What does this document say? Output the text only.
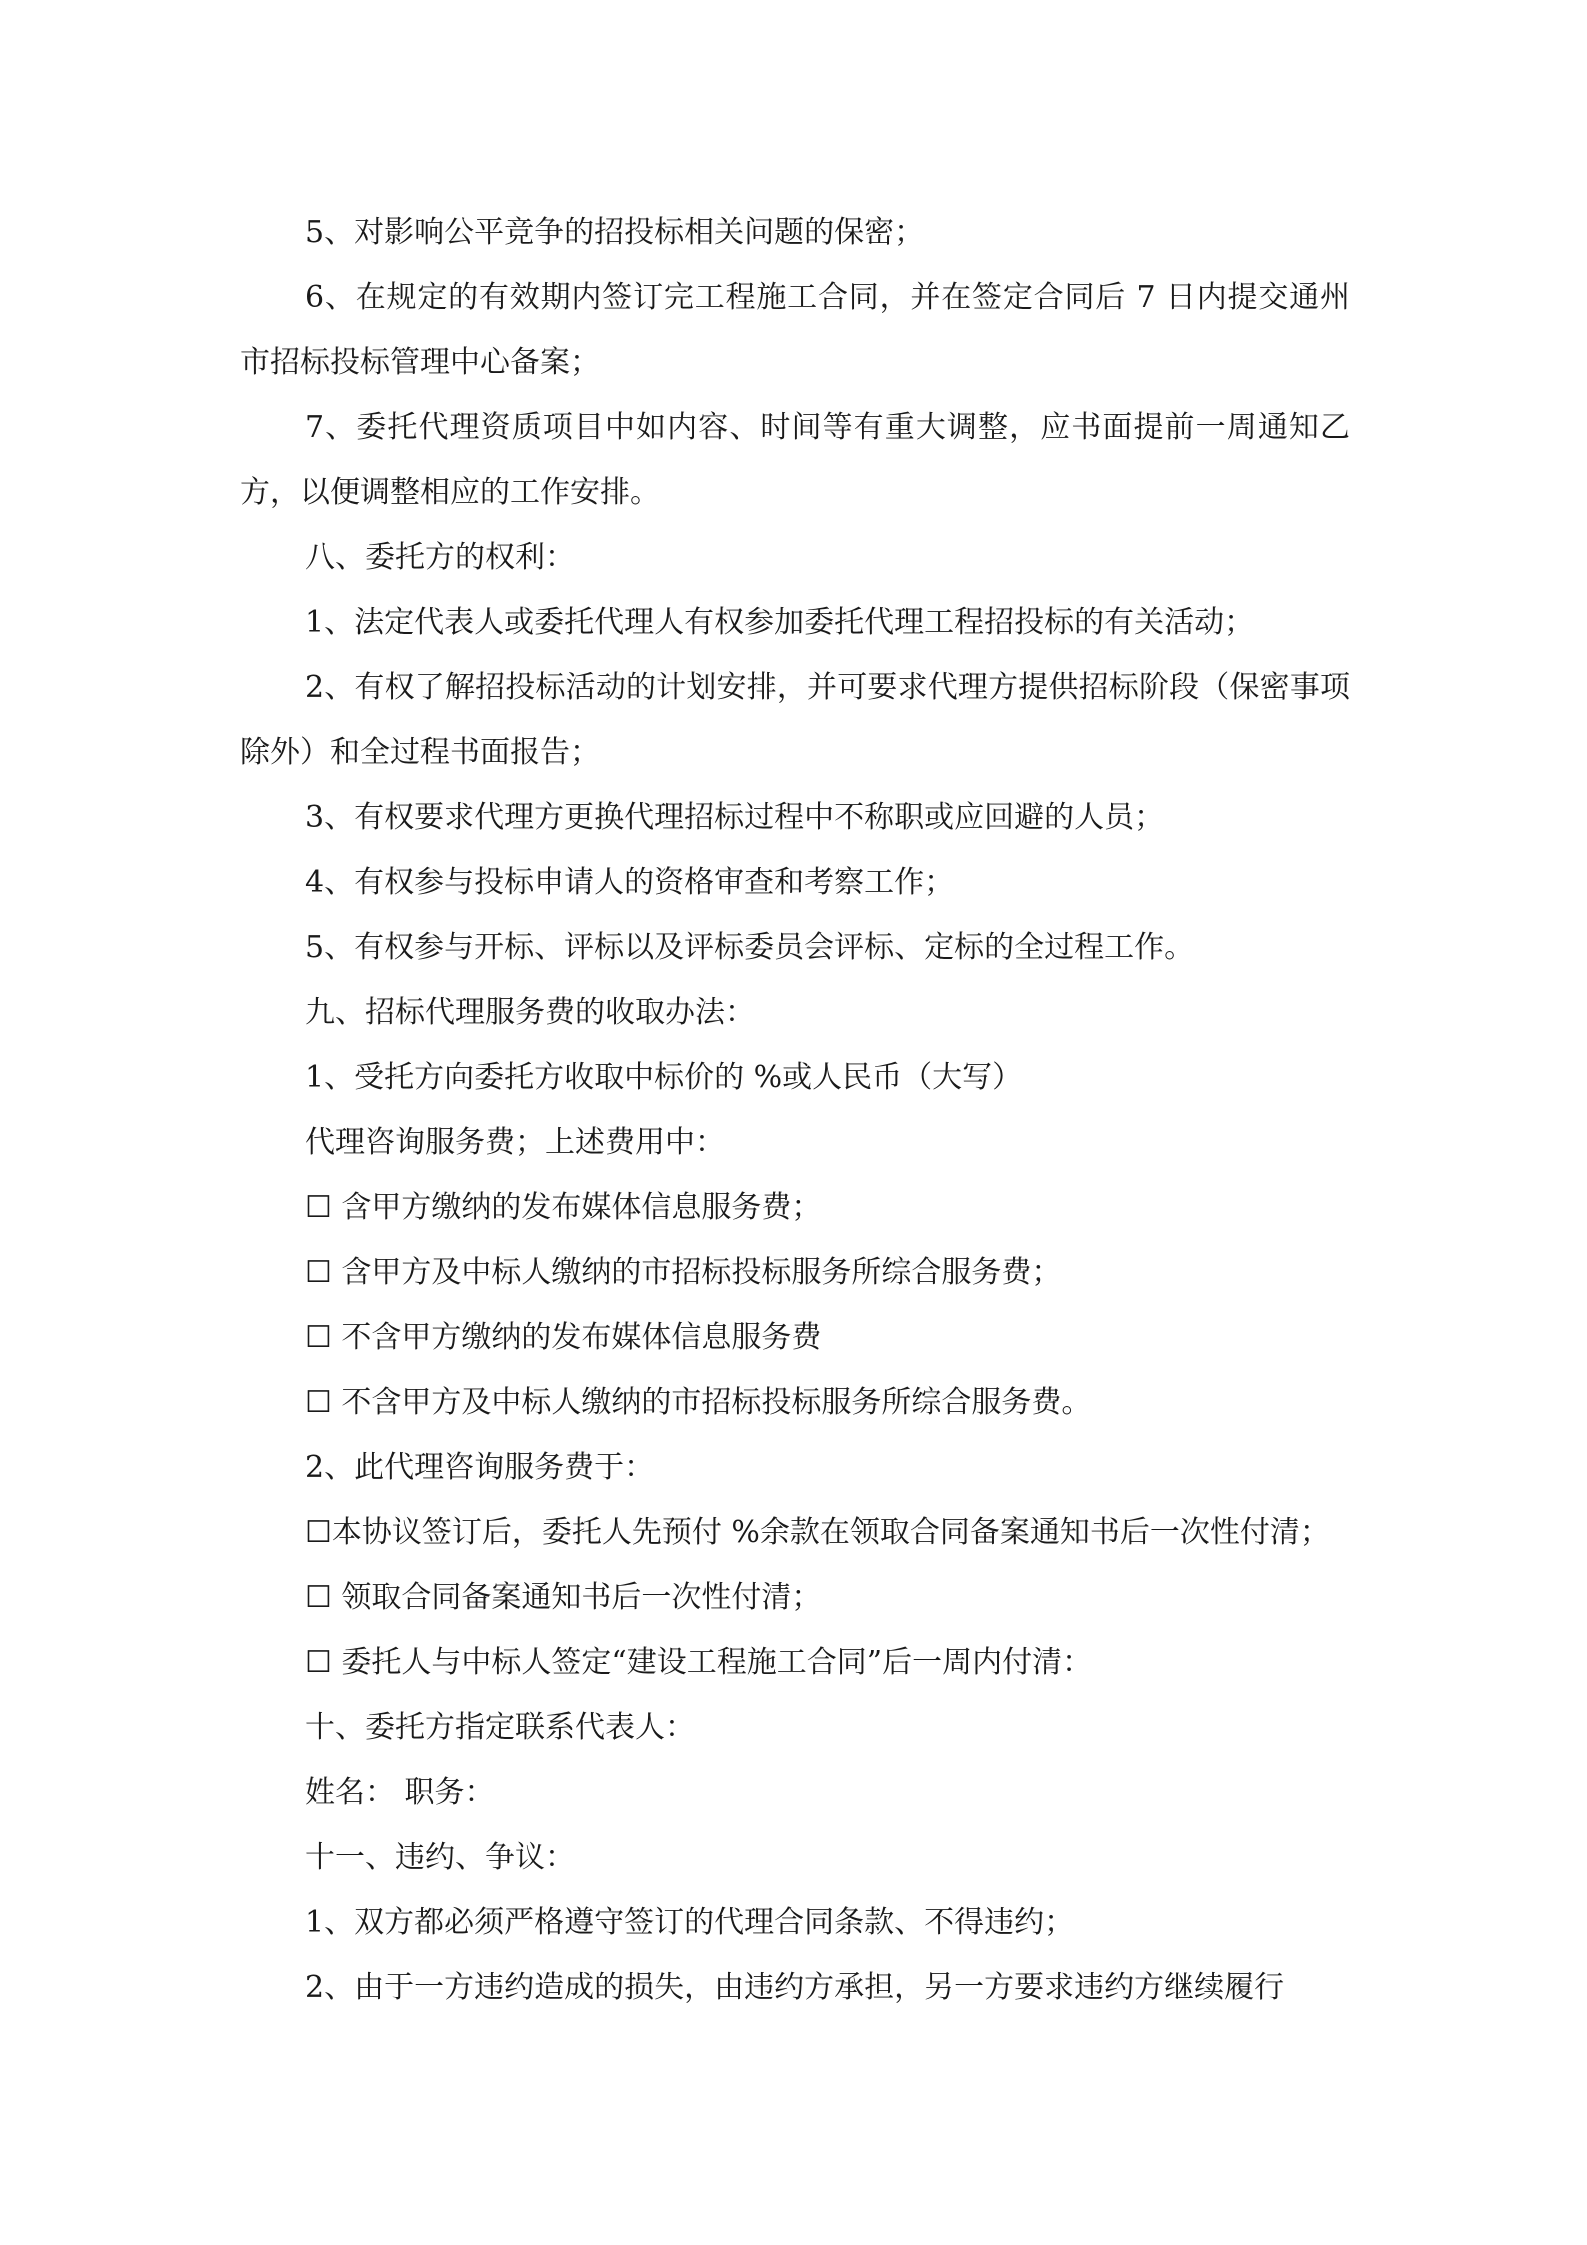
5、对影响公平竞争的招投标相关问题的保密；

6、在规定的有效期内签订完工程施工合同，并在签定合同后 7 日内提交通州市招标投标管理中心备案；

7、委托代理资质项目中如内容、时间等有重大调整，应书面提前一周通知乙方，以便调整相应的工作安排。

八、委托方的权利：

1、法定代表人或委托代理人有权参加委托代理工程招投标的有关活动；

2、有权了解招投标活动的计划安排，并可要求代理方提供招标阶段（保密事项除外）和全过程书面报告；

3、有权要求代理方更换代理招标过程中不称职或应回避的人员；

4、有权参与投标申请人的资格审查和考察工作；

5、有权参与开标、评标以及评标委员会评标、定标的全过程工作。

九、招标代理服务费的收取办法：

1、受托方向委托方收取中标价的 %或人民币（大写）

代理咨询服务费；上述费用中：

☐ 含甲方缴纳的发布媒体信息服务费；

☐ 含甲方及中标人缴纳的市招标投标服务所综合服务费；

☐ 不含甲方缴纳的发布媒体信息服务费

☐ 不含甲方及中标人缴纳的市招标投标服务所综合服务费。

2、此代理咨询服务费于：

☐本协议签订后，委托人先预付 %余款在领取合同备案通知书后一次性付清；

☐ 领取合同备案通知书后一次性付清；

☐ 委托人与中标人签定“建设工程施工合同”后一周内付清：

十、委托方指定联系代表人：

姓名： 职务：

十一、违约、争议：

1、双方都必须严格遵守签订的代理合同条款、不得违约；

2、由于一方违约造成的损失，由违约方承担，另一方要求违约方继续履行
